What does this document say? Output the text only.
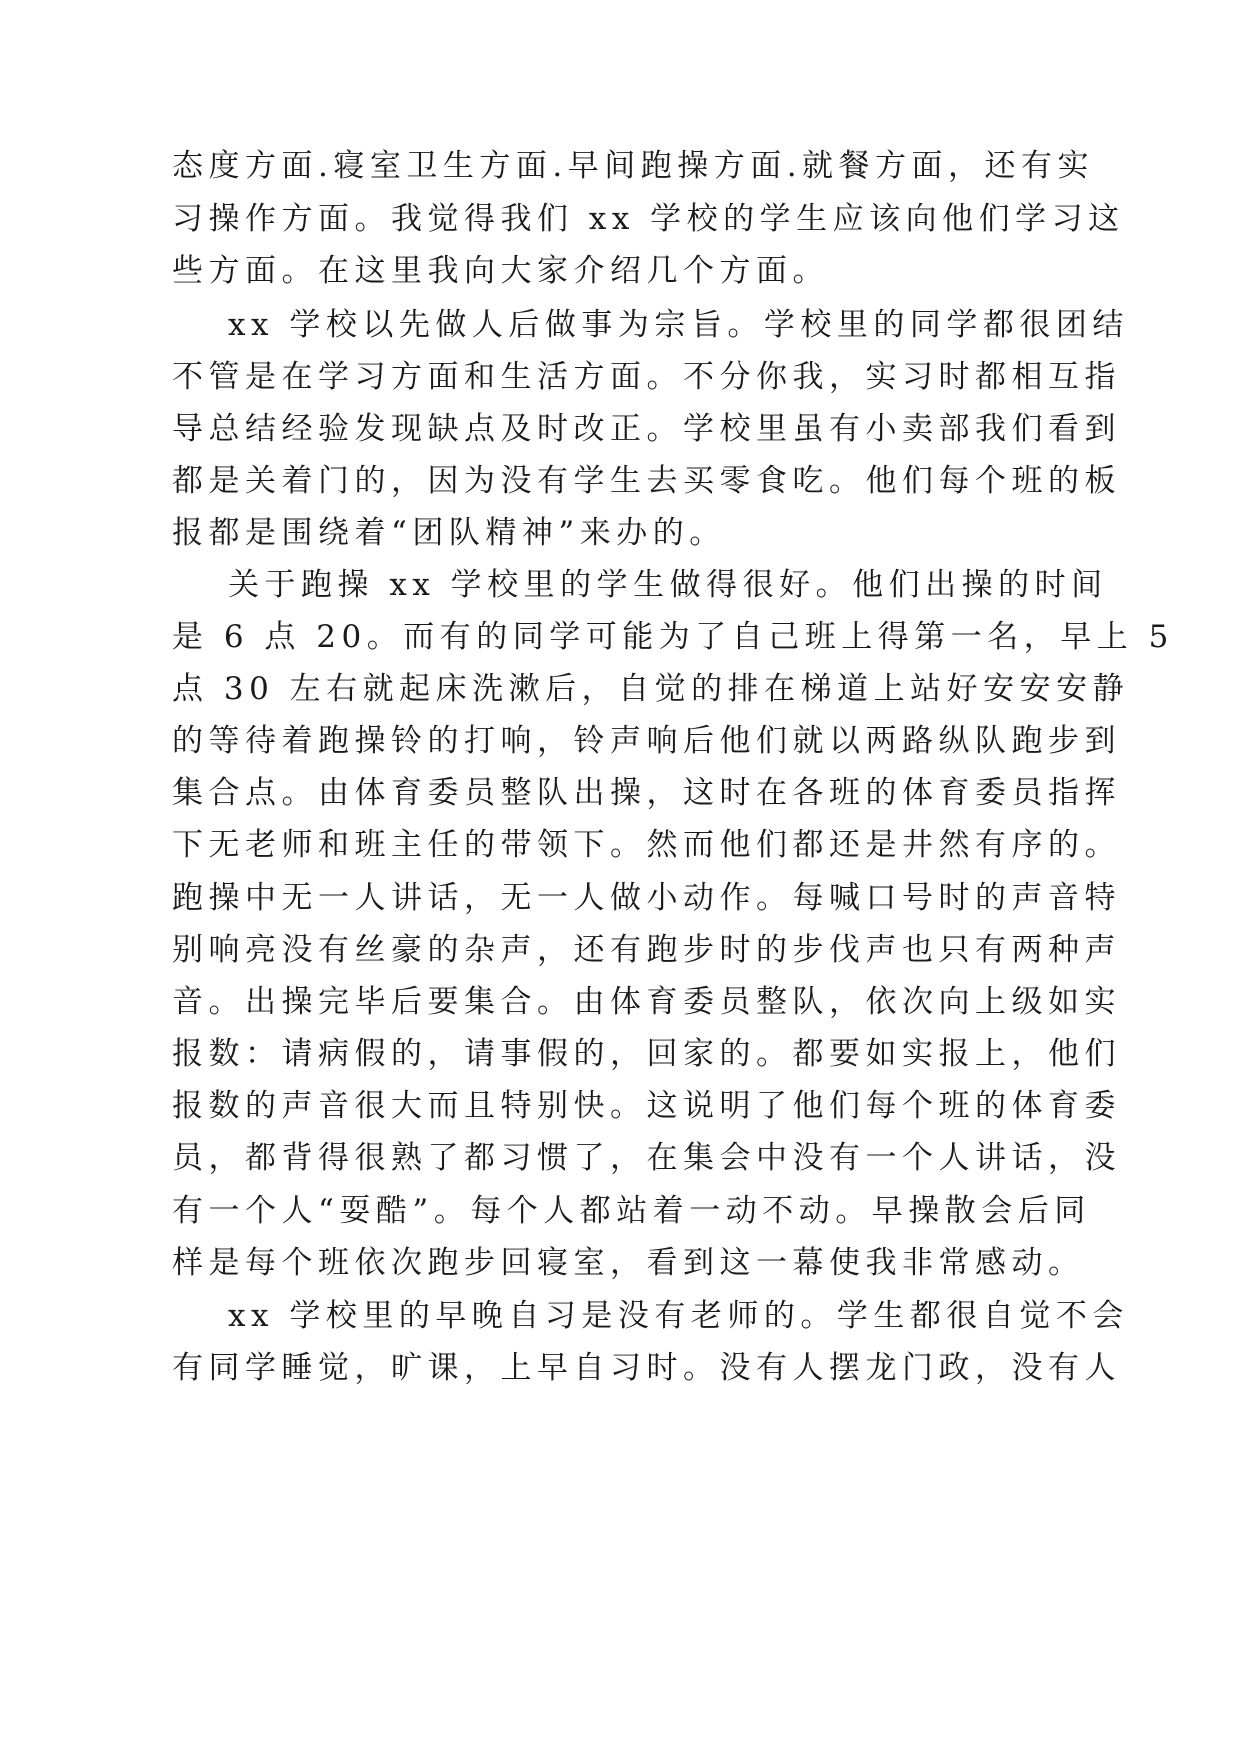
态度方面.寝室卫生方面.早间跑操方面.就餐方面，还有实
习操作方面。我觉得我们 xx 学校的学生应该向他们学习这
些方面。在这里我向大家介绍几个方面。
xx 学校以先做人后做事为宗旨。学校里的同学都很团结
不管是在学习方面和生活方面。不分你我，实习时都相互指
导总结经验发现缺点及时改正。学校里虽有小卖部我们看到
都是关着门的，因为没有学生去买零食吃。他们每个班的板
报都是围绕着“团队精神”来办的。
关于跑操 xx 学校里的学生做得很好。他们出操的时间
是 6 点 20。而有的同学可能为了自己班上得第一名，早上 5
点 30 左右就起床洗漱后，自觉的排在梯道上站好安安安静
的等待着跑操铃的打响，铃声响后他们就以两路纵队跑步到
集合点。由体育委员整队出操，这时在各班的体育委员指挥
下无老师和班主任的带领下。然而他们都还是井然有序的。
跑操中无一人讲话，无一人做小动作。每喊口号时的声音特
别响亮没有丝豪的杂声，还有跑步时的步伐声也只有两种声
音。出操完毕后要集合。由体育委员整队，依次向上级如实
报数：请病假的，请事假的，回家的。都要如实报上，他们
报数的声音很大而且特别快。这说明了他们每个班的体育委
员，都背得很熟了都习惯了，在集会中没有一个人讲话，没
有一个人“耍酷”。每个人都站着一动不动。早操散会后同
样是每个班依次跑步回寝室，看到这一幕使我非常感动。
xx 学校里的早晚自习是没有老师的。学生都很自觉不会
有同学睡觉，旷课，上早自习时。没有人摆龙门政，没有人
